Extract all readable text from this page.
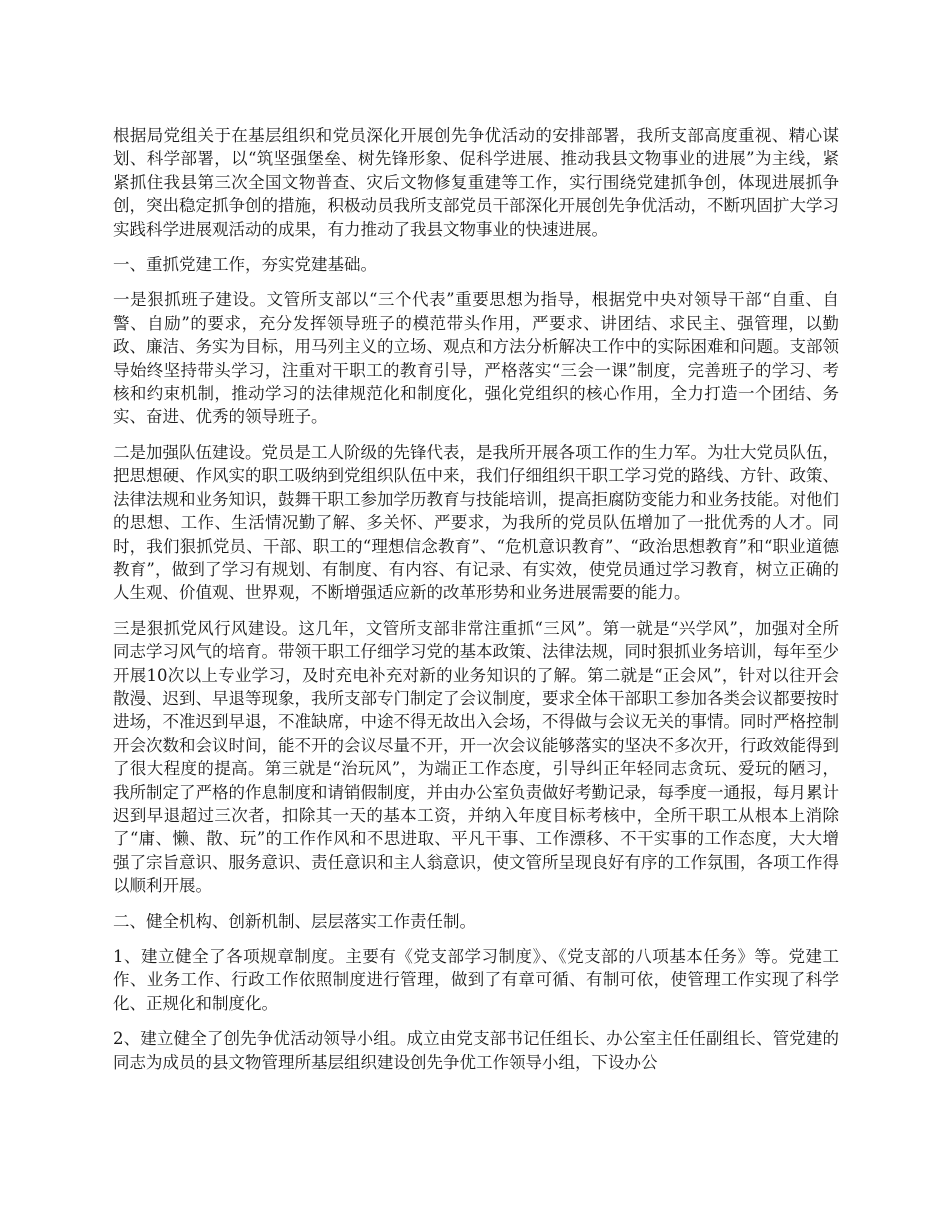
根据局党组关于在基层组织和党员深化开展创先争优活动的安排部署，我所支部高度重视、精心谋划、科学部署，以“筑坚强堡垒、树先锋形象、促科学进展、推动我县文物事业的进展”为主线，紧紧抓住我县第三次全国文物普查、灾后文物修复重建等工作，实行围绕党建抓争创，体现进展抓争创，突出稳定抓争创的措施，积极动员我所支部党员干部深化开展创先争优活动，不断巩固扩大学习实践科学进展观活动的成果，有力推动了我县文物事业的快速进展。

一、重抓党建工作，夯实党建基础。

一是狠抓班子建设。文管所支部以“三个代表”重要思想为指导，根据党中央对领导干部“自重、自警、自励”的要求，充分发挥领导班子的模范带头作用，严要求、讲团结、求民主、强管理，以勤政、廉洁、务实为目标，用马列主义的立场、观点和方法分析解决工作中的实际困难和问题。支部领导始终坚持带头学习，注重对干职工的教育引导，严格落实“三会一课”制度，完善班子的学习、考核和约束机制，推动学习的法律规范化和制度化，强化党组织的核心作用，全力打造一个团结、务实、奋进、优秀的领导班子。

二是加强队伍建设。党员是工人阶级的先锋代表，是我所开展各项工作的生力军。为壮大党员队伍，把思想硬、作风实的职工吸纳到党组织队伍中来，我们仔细组织干职工学习党的路线、方针、政策、法律法规和业务知识，鼓舞干职工参加学历教育与技能培训，提高拒腐防变能力和业务技能。对他们的思想、工作、生活情况勤了解、多关怀、严要求，为我所的党员队伍增加了一批优秀的人才。同时，我们狠抓党员、干部、职工的“理想信念教育”、“危机意识教育”、“政治思想教育”和“职业道德教育”，做到了学习有规划、有制度、有内容、有记录、有实效，使党员通过学习教育，树立正确的人生观、价值观、世界观，不断增强适应新的改革形势和业务进展需要的能力。

三是狠抓党风行风建设。这几年，文管所支部非常注重抓“三风”。第一就是“兴学风”，加强对全所同志学习风气的培育。带领干职工仔细学习党的基本政策、法律法规，同时狠抓业务培训，每年至少开展10次以上专业学习，及时充电补充对新的业务知识的了解。第二就是“正会风”，针对以往开会散漫、迟到、早退等现象，我所支部专门制定了会议制度，要求全体干部职工参加各类会议都要按时进场，不准迟到早退，不准缺席，中途不得无故出入会场，不得做与会议无关的事情。同时严格控制开会次数和会议时间，能不开的会议尽量不开，开一次会议能够落实的坚决不多次开，行政效能得到了很大程度的提高。第三就是“治玩风”，为端正工作态度，引导纠正年轻同志贪玩、爱玩的陋习，我所制定了严格的作息制度和请销假制度，并由办公室负责做好考勤记录，每季度一通报，每月累计迟到早退超过三次者，扣除其一天的基本工资，并纳入年度目标考核中，全所干职工从根本上消除了“庸、懒、散、玩”的工作作风和不思进取、平凡干事、工作漂移、不干实事的工作态度，大大增强了宗旨意识、服务意识、责任意识和主人翁意识，使文管所呈现良好有序的工作氛围，各项工作得以顺利开展。

二、健全机构、创新机制、层层落实工作责任制。

1、建立健全了各项规章制度。主要有《党支部学习制度》、《党支部的八项基本任务》等。党建工作、业务工作、行政工作依照制度进行管理，做到了有章可循、有制可依，使管理工作实现了科学化、正规化和制度化。

2、建立健全了创先争优活动领导小组。成立由党支部书记任组长、办公室主任任副组长、管党建的同志为成员的县文物管理所基层组织建设创先争优工作领导小组，下设办公
